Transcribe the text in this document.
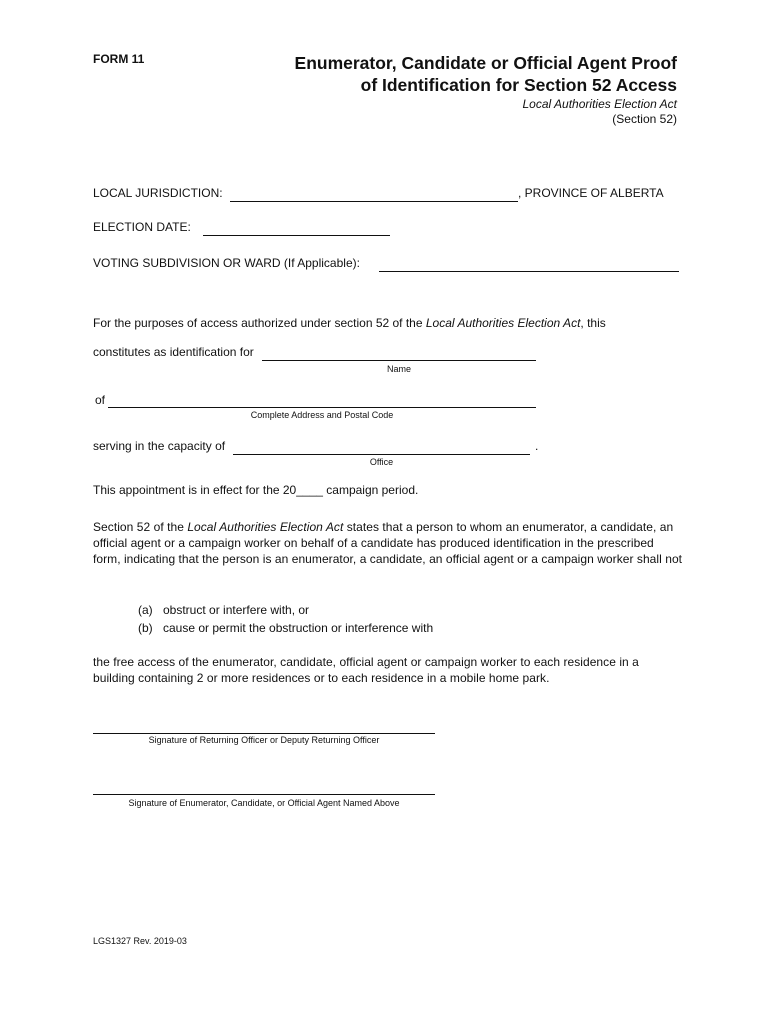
FORM 11	Enumerator, Candidate or Official Agent Proof
of Identification for Section 52 Access
Local Authorities Election Act
(Section 52)
LOCAL JURISDICTION:	, PROVINCE OF ALBERTA
ELECTION DATE:
VOTING SUBDIVISION OR WARD (If Applicable):
For the purposes of access authorized under section 52 of the Local Authorities Election Act, this
constitutes as identification for
Name
of
Complete Address and Postal Code
serving in the capacity of	.
Office
This appointment is in effect for the 20____ campaign period.
Section 52 of the Local Authorities Election Act states that a person to whom an enumerator, a candidate, an official agent or a campaign worker on behalf of a candidate has produced identification in the prescribed form, indicating that the person is an enumerator, a candidate, an official agent or a campaign worker shall not
(a) obstruct or interfere with, or
(b) cause or permit the obstruction or interference with
the free access of the enumerator, candidate, official agent or campaign worker to each residence in a building containing 2 or more residences or to each residence in a mobile home park.
Signature of Returning Officer or Deputy Returning Officer
Signature of Enumerator, Candidate, or Official Agent Named Above
LGS1327 Rev. 2019-03
